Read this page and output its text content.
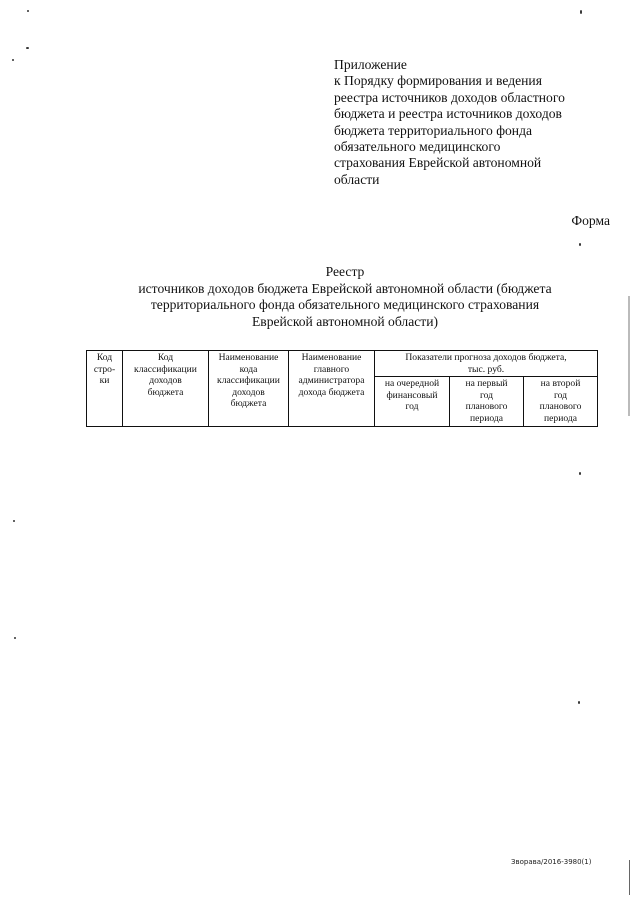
Приложение
к Порядку формирования и ведения
реестра источников доходов областного
бюджета и реестра источников доходов
бюджета территориального фонда
обязательного медицинского
страхования Еврейской автономной
области
Форма
Реестр
источников доходов бюджета Еврейской автономной области (бюджета
территориального фонда обязательного медицинского страхования
Еврейской автономной области)
Код
стро-
ки	Код
классификации
доходов
бюджета	Наименование
кода
классификации
доходов
бюджета	Наименование
главного
администратора
дохода бюджета	Показатели прогноза доходов бюджета,
тыс. руб.		

				на очередной
финансовый
год	на первый
год
планового
периода	на второй
год
планового
периода
Зворава/2016-3980(1)
